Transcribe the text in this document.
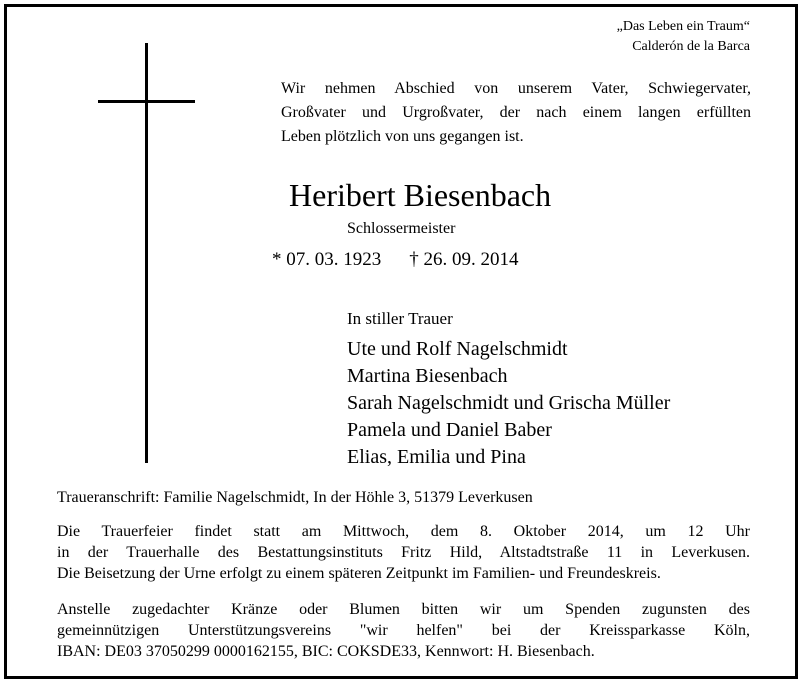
„Das Leben ein Traum“
Calderón de la Barca

Wir nehmen Abschied von unserem Vater, Schwiegervater,

Großvater und Urgroßvater, der nach einem langen erfüllten

Leben plötzlich von uns gegangen ist.

Heribert Biesenbach
Schlossermeister
* 07. 03. 1923 † 26. 09. 2014
In stiller Trauer
Ute und Rolf Nagelschmidt
Martina Biesenbach
Sarah Nagelschmidt und Grischa Müller
Pamela und Daniel Baber
Elias, Emilia und Pina
Traueranschrift: Familie Nagelschmidt, In der Höhle 3, 51379 Leverkusen
Die Trauerfeier findet statt am Mittwoch, dem 8. Oktober 2014, um 12 Uhr
in der Trauerhalle des Bestattungsinstituts Fritz Hild, Altstadtstraße 11 in Leverkusen.
Die Beisetzung der Urne erfolgt zu einem späteren Zeitpunkt im Familien- und Freundeskreis.
Anstelle zugedachter Kränze oder Blumen bitten wir um Spenden zugunsten des
gemeinnützigen Unterstützungsvereins "wir helfen" bei der Kreissparkasse Köln,
IBAN: DE03 37050299 0000162155, BIC: COKSDE33, Kennwort: H. Biesenbach.
